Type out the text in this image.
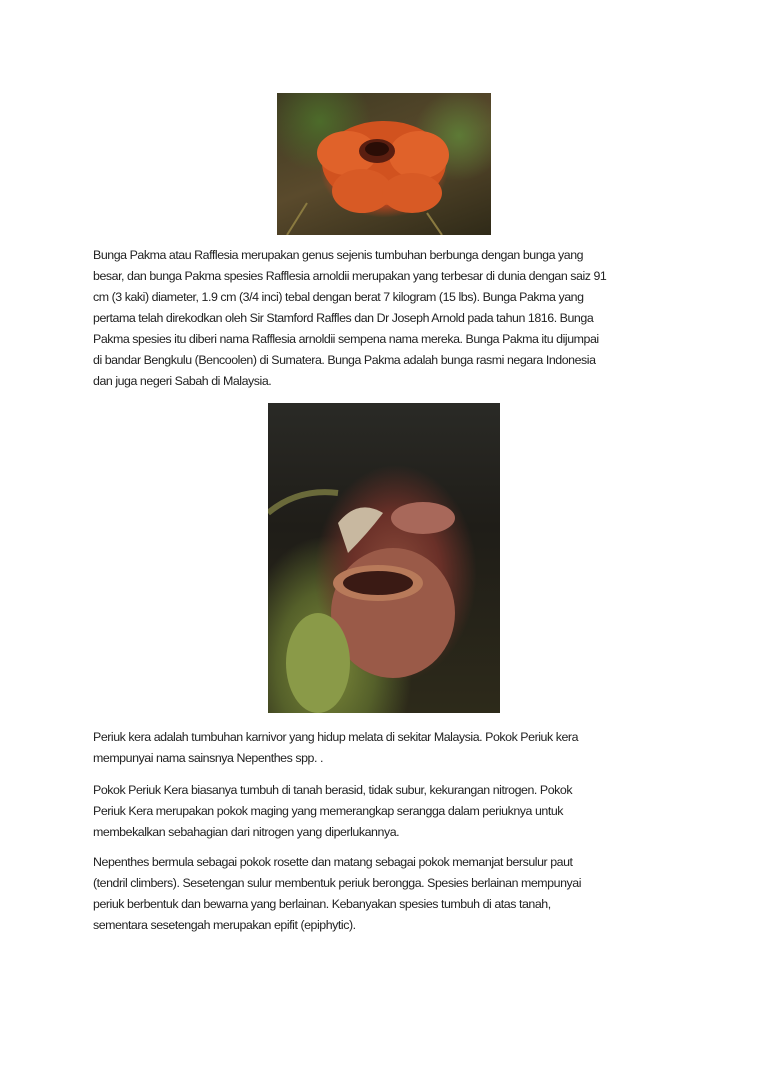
Bunga Pakma atau Rafflesia merupakan genus sejenis tumbuhan berbunga dengan bunga yang
besar, dan bunga Pakma spesies Rafflesia arnoldii merupakan yang terbesar di dunia dengan saiz 91
cm (3 kaki) diameter, 1.9 cm (3/4 inci) tebal dengan berat 7 kilogram (15 lbs). Bunga Pakma yang
pertama telah direkodkan oleh Sir Stamford Raffles dan Dr Joseph Arnold pada tahun 1816. Bunga
Pakma spesies itu diberi nama Rafflesia arnoldii sempena nama mereka. Bunga Pakma itu dijumpai
di bandar Bengkulu (Bencoolen) di Sumatera. Bunga Pakma adalah bunga rasmi negara Indonesia
dan juga negeri Sabah di Malaysia.
Periuk kera adalah tumbuhan karnivor yang hidup melata di sekitar Malaysia. Pokok Periuk kera
mempunyai nama sainsnya Nepenthes spp. .
Pokok Periuk Kera biasanya tumbuh di tanah berasid, tidak subur, kekurangan nitrogen. Pokok
Periuk Kera merupakan pokok maging yang memerangkap serangga dalam periuknya untuk
membekalkan sebahagian dari nitrogen yang diperlukannya.
Nepenthes bermula sebagai pokok rosette dan matang sebagai pokok memanjat bersulur paut
(tendril climbers). Sesetengan sulur membentuk periuk berongga. Spesies berlainan mempunyai
periuk berbentuk dan bewarna yang berlainan. Kebanyakan spesies tumbuh di atas tanah,
sementara sesetengah merupakan epifit (epiphytic).
